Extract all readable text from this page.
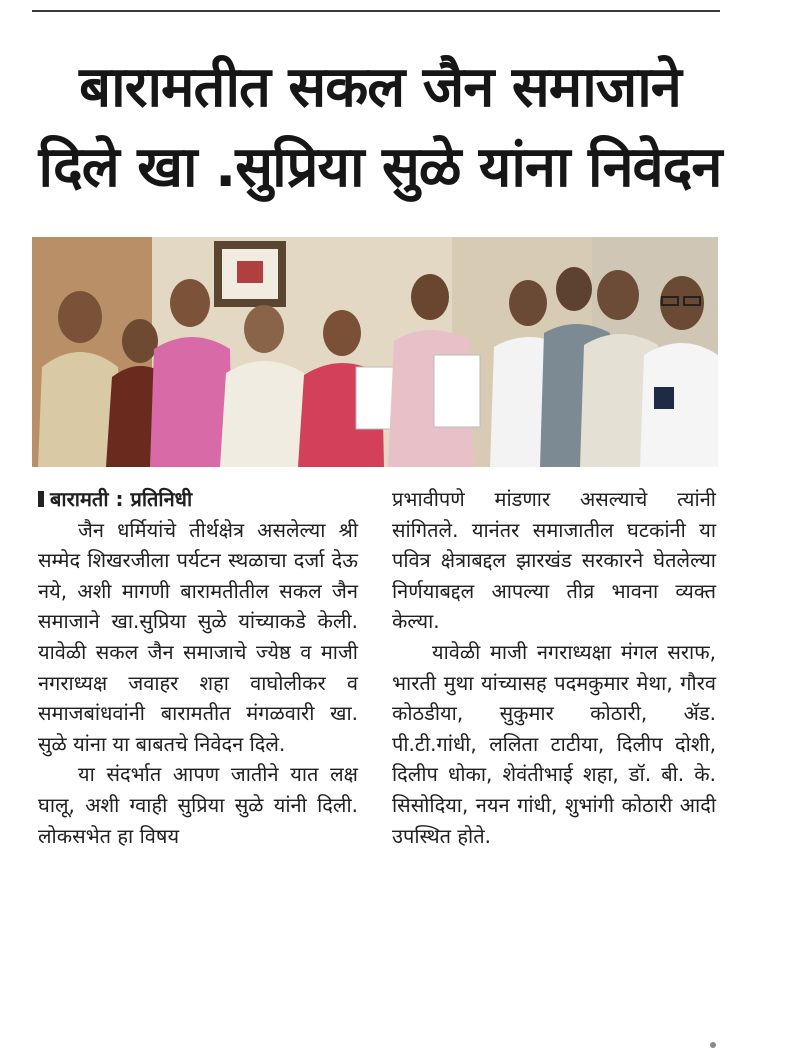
बारामतीत सकल जैन समाजाने
दिले खा .सुप्रिया सुळे यांना निवेदन

बारामती : प्रतिनिधी

जैन धर्मियांचे तीर्थक्षेत्र असलेल्या श्री सम्मेद शिखरजीला पर्यटन स्थळाचा दर्जा देऊ नये, अशी मागणी बारामतीतील सकल जैन समाजाने खा.सुप्रिया सुळे यांच्याकडे केली. यावेळी सकल जैन समाजाचे ज्येष्ठ व माजी नगराध्यक्ष जवाहर शहा वाघोलीकर व समाजबांधवांनी बारामतीत मंगळवारी खा. सुळे यांना या बाबतचे निवेदन दिले.

या संदर्भात आपण जातीने यात लक्ष घालू, अशी ग्वाही सुप्रिया सुळे यांनी दिली. लोकसभेत हा विषय

प्रभावीपणे मांडणार असल्याचे त्यांनी सांगितले. यानंतर समाजातील घटकांनी या पवित्र क्षेत्राबद्दल झारखंड सरकारने घेतलेल्या निर्णयाबद्दल आपल्या तीव्र भावना व्यक्त केल्या.

यावेळी माजी नगराध्यक्षा मंगल सराफ, भारती मुथा यांच्यासह पदमकुमार मेथा, गौरव कोठडीया, सुकुमार कोठारी, ॲड. पी.टी.गांधी, ललिता टाटीया, दिलीप दोशी, दिलीप धोका, शेवंतीभाई शहा, डॉ. बी. के. सिसोदिया, नयन गांधी, शुभांगी कोठारी आदी उपस्थित होते.
